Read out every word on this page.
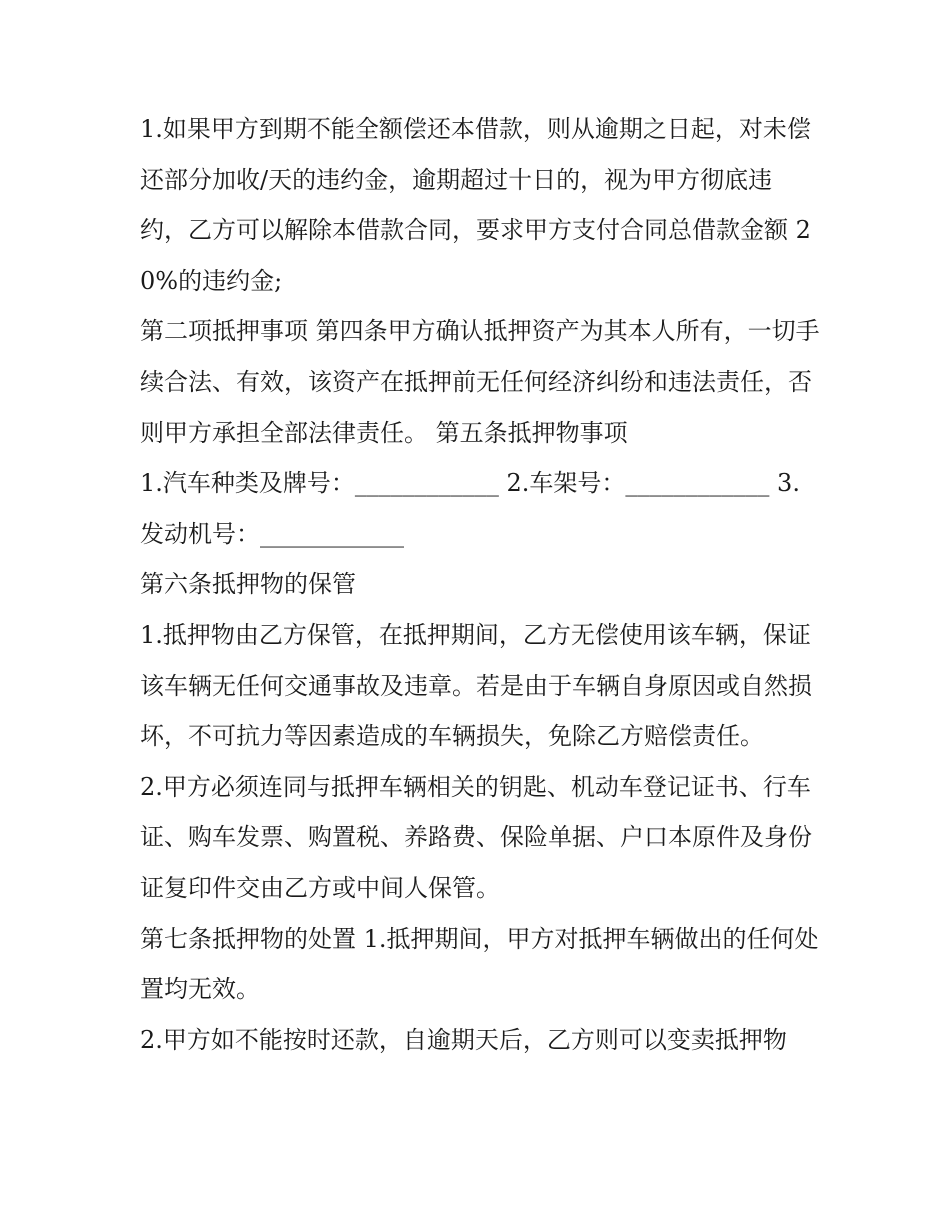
1.如果甲方到期不能全额偿还本借款，则从逾期之日起，对未偿还部分加收/天的违约金，逾期超过十日的，视为甲方彻底违约，乙方可以解除本借款合同，要求甲方支付合同总借款金额 20%的违约金;

第二项抵押事项 第四条甲方确认抵押资产为其本人所有，一切手续合法、有效，该资产在抵押前无任何经济纠纷和违法责任，否则甲方承担全部法律责任。 第五条抵押物事项

1.汽车种类及牌号：____________ 2.车架号：____________ 3.发动机号：____________

第六条抵押物的保管

1.抵押物由乙方保管，在抵押期间，乙方无偿使用该车辆，保证该车辆无任何交通事故及违章。若是由于车辆自身原因或自然损坏，不可抗力等因素造成的车辆损失，免除乙方赔偿责任。

2.甲方必须连同与抵押车辆相关的钥匙、机动车登记证书、行车证、购车发票、购置税、养路费、保险单据、户口本原件及身份证复印件交由乙方或中间人保管。

第七条抵押物的处置 1.抵押期间，甲方对抵押车辆做出的任何处置均无效。

2.甲方如不能按时还款，自逾期天后，乙方则可以变卖抵押物
